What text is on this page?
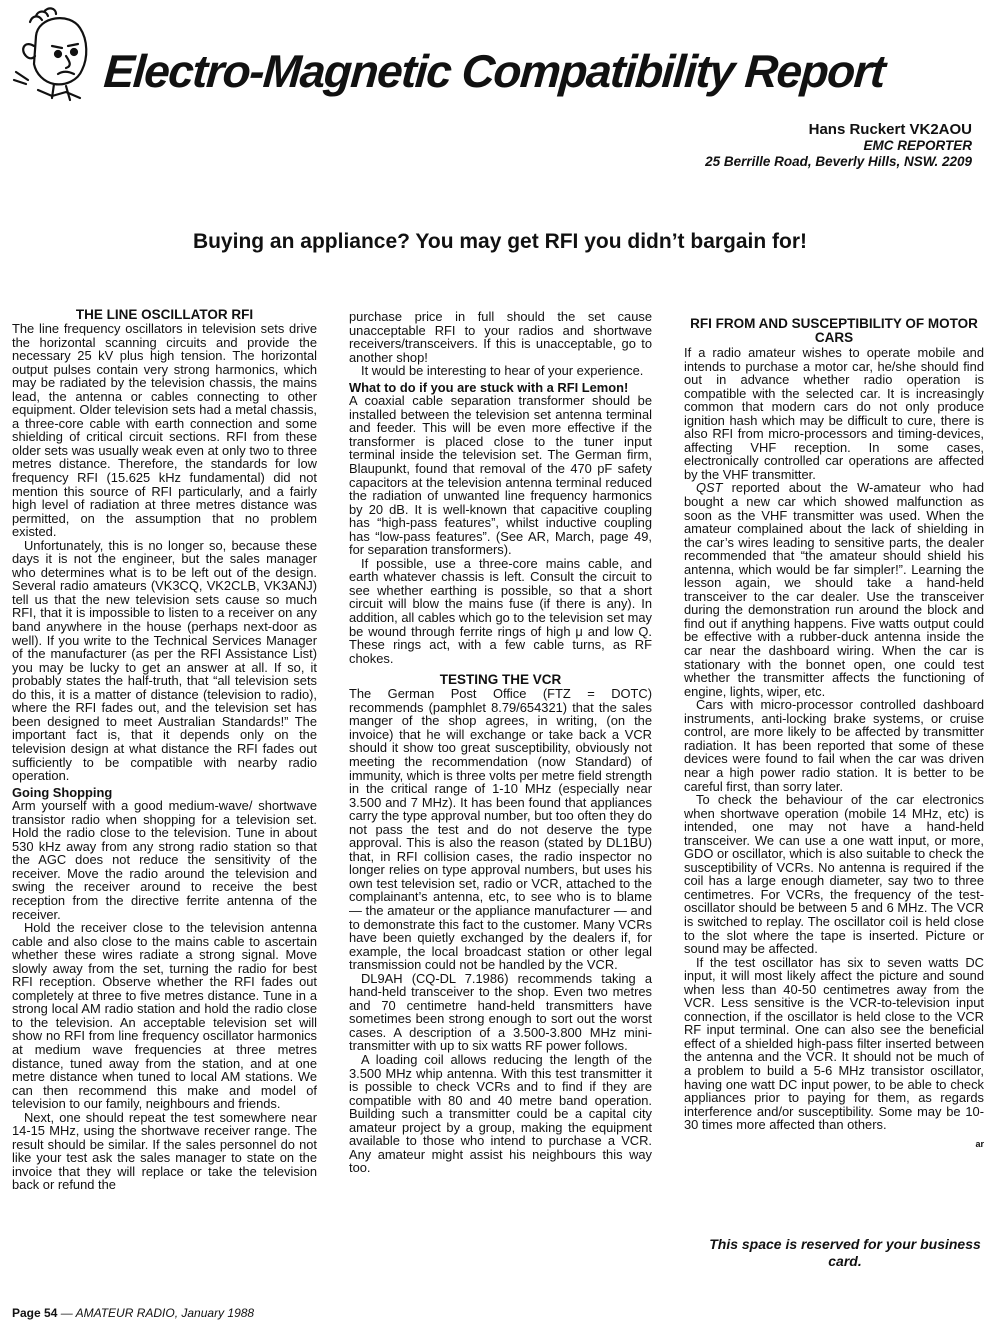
Electro-Magnetic Compatibility Report
Hans Ruckert VK2AOU
EMC REPORTER
25 Berrille Road, Beverly Hills, NSW. 2209
Buying an appliance? You may get RFI you didn’t bargain for!
THE LINE OSCILLATOR RFI

The line frequency oscillators in television sets drive the horizontal scanning circuits and provide the necessary 25 kV plus high tension. The horizontal output pulses contain very strong harmonics, which may be radiated by the television chassis, the mains lead, the antenna or cables connecting to other equipment. Older television sets had a metal chassis, a three-core cable with earth connection and some shielding of critical circuit sections. RFI from these older sets was usually weak even at only two to three metres distance. Therefore, the standards for low frequency RFI (15.625 kHz fundamental) did not mention this source of RFI particularly, and a fairly high level of radiation at three metres distance was permitted, on the assumption that no problem existed.

Unfortunately, this is no longer so, because these days it is not the engineer, but the sales manager who determines what is to be left out of the design. Several radio amateurs (VK3CQ, VK2CLB, VK3ANJ) tell us that the new television sets cause so much RFI, that it is impossible to listen to a receiver on any band anywhere in the house (perhaps next-door as well). If you write to the Technical Services Manager of the manufacturer (as per the RFI Assistance List) you may be lucky to get an answer at all. If so, it probably states the half-truth, that “all television sets do this, it is a matter of distance (television to radio), where the RFI fades out, and the television set has been designed to meet Australian Standards!” The important fact is, that it depends only on the television design at what distance the RFI fades out sufficiently to be compatible with nearby radio operation.

Going Shopping

Arm yourself with a good medium-wave/ shortwave transistor radio when shopping for a television set. Hold the radio close to the television. Tune in about 530 kHz away from any strong radio station so that the AGC does not reduce the sensitivity of the receiver. Move the radio around the television and swing the receiver around to receive the best reception from the directive ferrite antenna of the receiver.

Hold the receiver close to the television antenna cable and also close to the mains cable to ascertain whether these wires radiate a strong signal. Move slowly away from the set, turning the radio for best RFI reception. Observe whether the RFI fades out completely at three to five metres distance. Tune in a strong local AM radio station and hold the radio close to the television. An acceptable television set will show no RFI from line frequency oscillator harmonics at medium wave frequencies at three metres distance, tuned away from the station, and at one metre distance when tuned to local AM stations. We can then recommend this make and model of television to our family, neighbours and friends.

Next, one should repeat the test somewhere near 14-15 MHz, using the shortwave receiver range. The result should be similar. If the sales personnel do not like your test ask the sales manager to state on the invoice that they will replace or take the television back or refund the

purchase price in full should the set cause unacceptable RFI to your radios and shortwave receivers/transceivers. If this is unacceptable, go to another shop!

It would be interesting to hear of your experience.

What to do if you are stuck with a RFI Lemon!

A coaxial cable separation transformer should be installed between the television set antenna terminal and feeder. This will be even more effective if the transformer is placed close to the tuner input terminal inside the television set. The German firm, Blaupunkt, found that removal of the 470 pF safety capacitors at the television antenna terminal reduced the radiation of unwanted line frequency harmonics by 20 dB. It is well-known that capacitive coupling has “high-pass features”, whilst inductive coupling has “low-pass features”. (See AR, March, page 49, for separation transformers).

If possible, use a three-core mains cable, and earth whatever chassis is left. Consult the circuit to see whether earthing is possible, so that a short circuit will blow the mains fuse (if there is any). In addition, all cables which go to the television set may be wound through ferrite rings of high μ and low Q. These rings act, with a few cable turns, as RF chokes.

TESTING THE VCR

The German Post Office (FTZ = DOTC) recommends (pamphlet 8.79/654321) that the sales manger of the shop agrees, in writing, (on the invoice) that he will exchange or take back a VCR should it show too great susceptibility, obviously not meeting the recommendation (now Standard) of immunity, which is three volts per metre field strength in the critical range of 1-10 MHz (especially near 3.500 and 7 MHz). It has been found that appliances carry the type approval number, but too often they do not pass the test and do not deserve the type approval. This is also the reason (stated by DL1BU) that, in RFI collision cases, the radio inspector no longer relies on type approval numbers, but uses his own test television set, radio or VCR, attached to the complainant’s antenna, etc, to see who is to blame — the amateur or the appliance manufacturer — and to demonstrate this fact to the customer. Many VCRs have been quietly exchanged by the dealers if, for example, the local broadcast station or other legal transmission could not be handled by the VCR.

DL9AH (CQ-DL 7.1986) recommends taking a hand-held transceiver to the shop. Even two metres and 70 centimetre hand-held transmitters have sometimes been strong enough to sort out the worst cases. A description of a 3.500-3.800 MHz mini-transmitter with up to six watts RF power follows.

A loading coil allows reducing the length of the 3.500 MHz whip antenna. With this test transmitter it is possible to check VCRs and to find if they are compatible with 80 and 40 metre band operation. Building such a transmitter could be a capital city amateur project by a group, making the equipment available to those who intend to purchase a VCR. Any amateur might assist his neighbours this way too.

RFI FROM AND SUSCEPTIBILITY OF MOTOR CARS

If a radio amateur wishes to operate mobile and intends to purchase a motor car, he/she should find out in advance whether radio operation is compatible with the selected car. It is increasingly common that modern cars do not only produce ignition hash which may be difficult to cure, there is also RFI from micro-processors and timing-devices, affecting VHF reception. In some cases, electronically controlled car operations are affected by the VHF transmitter.

QST reported about the W-amateur who had bought a new car which showed malfunction as soon as the VHF transmitter was used. When the amateur complained about the lack of shielding in the car’s wires leading to sensitive parts, the dealer recommended that “the amateur should shield his antenna, which would be far simpler!”. Learning the lesson again, we should take a hand-held transceiver to the car dealer. Use the transceiver during the demonstration run around the block and find out if anything happens. Five watts output could be effective with a rubber-duck antenna inside the car near the dashboard wiring. When the car is stationary with the bonnet open, one could test whether the transmitter affects the functioning of engine, lights, wiper, etc.

Cars with micro-processor controlled dashboard instruments, anti-locking brake systems, or cruise control, are more likely to be affected by transmitter radiation. It has been reported that some of these devices were found to fail when the car was driven near a high power radio station. It is better to be careful first, than sorry later.

To check the behaviour of the car electronics when shortwave operation (mobile 14 MHz, etc) is intended, one may not have a hand-held transceiver. We can use a one watt input, or more, GDO or oscillator, which is also suitable to check the susceptibility of VCRs. No antenna is required if the coil has a large enough diameter, say two to three centimetres. For VCRs, the frequency of the test-oscillator should be between 5 and 6 MHz. The VCR is switched to replay. The oscillator coil is held close to the slot where the tape is inserted. Picture or sound may be affected.

If the test oscillator has six to seven watts DC input, it will most likely affect the picture and sound when less than 40-50 centimetres away from the VCR. Less sensitive is the VCR-to-television input connection, if the oscillator is held close to the VCR RF input terminal. One can also see the beneficial effect of a shielded high-pass filter inserted between the antenna and the VCR. It should not be much of a problem to build a 5-6 MHz transistor oscillator, having one watt DC input power, to be able to check appliances prior to paying for them, as regards interference and/or susceptibility. Some may be 10-30 times more affected than others.

ar
This space is reserved for your business card.
Page 54 — AMATEUR RADIO, January 1988
